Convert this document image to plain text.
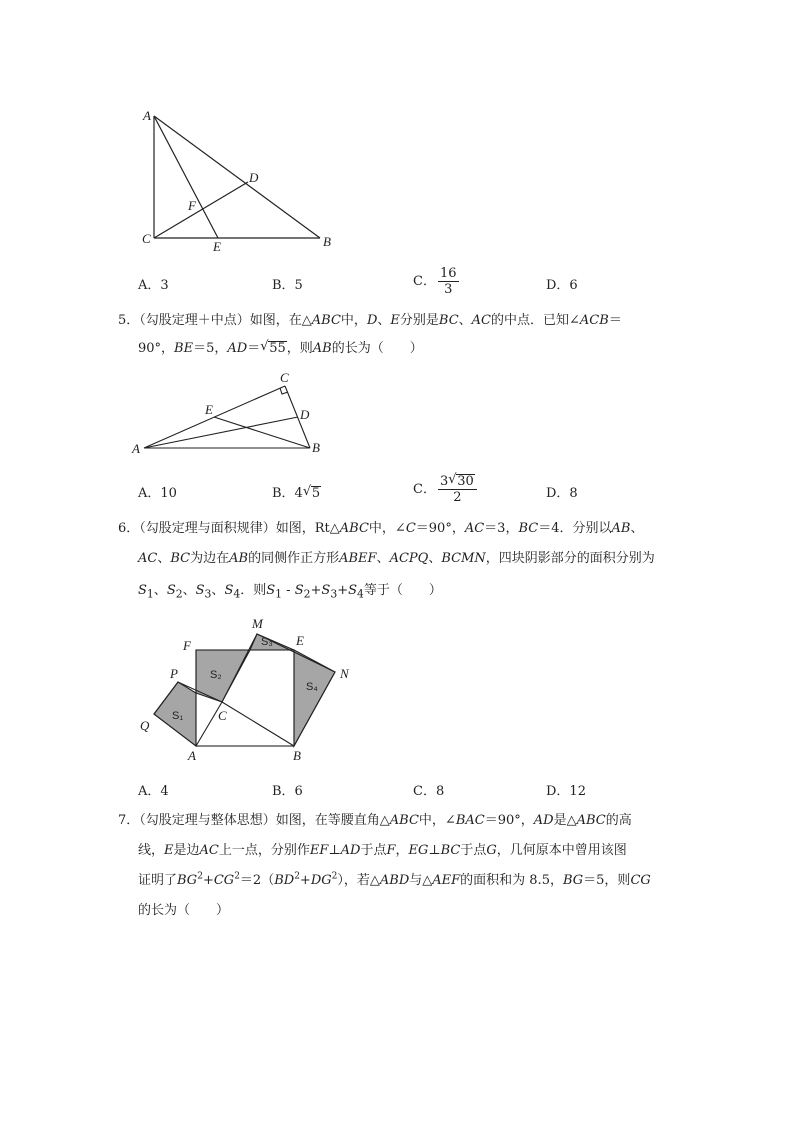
A
C	B
D
E
F
A．3	B．5	C． $\frac{16}{3}$	D．6
5．（勾股定理＋中点）如图，在△ABC中，D、E分别是BC、AC的中点．已知∠ACB＝
90°，BE＝5，AD＝ √ 55，则AB的长为（　　）
A	B
C
D
E
A．10	B．4 √ 5	C． $\frac{3 √ 30}{2}$	D．8
6．（勾股定理与面积规律）如图，Rt△ABC中，∠C＝90°，AC＝3，BC＝4．分别以AB、
AC、BC为边在AB的同侧作正方形ABEF、ACPQ、BCMN，四块阴影部分的面积分别为
$S_1$、$S_2$、$S_3$、$S_4$．则$S_1 - S_2+S_3+S_4$等于（　　）
A	B
C
E
F
M
N
P
Q
S₁
S₂
S₃
S₄
A．4	B．6	C．8	D．12
7．（勾股定理与整体思想）如图，在等腰直角△ABC中，∠BAC＝90°，AD是△ABC的高
线，E是边AC上一点，分别作EF⊥AD于点F，EG⊥BC于点G，几何原本中曾用该图
证明了$BG^2+CG^2=2(BD^2+DG^2)$，若△ABD与△AEF的面积和为 8.5，BG＝5，则CG
的长为（　　）
